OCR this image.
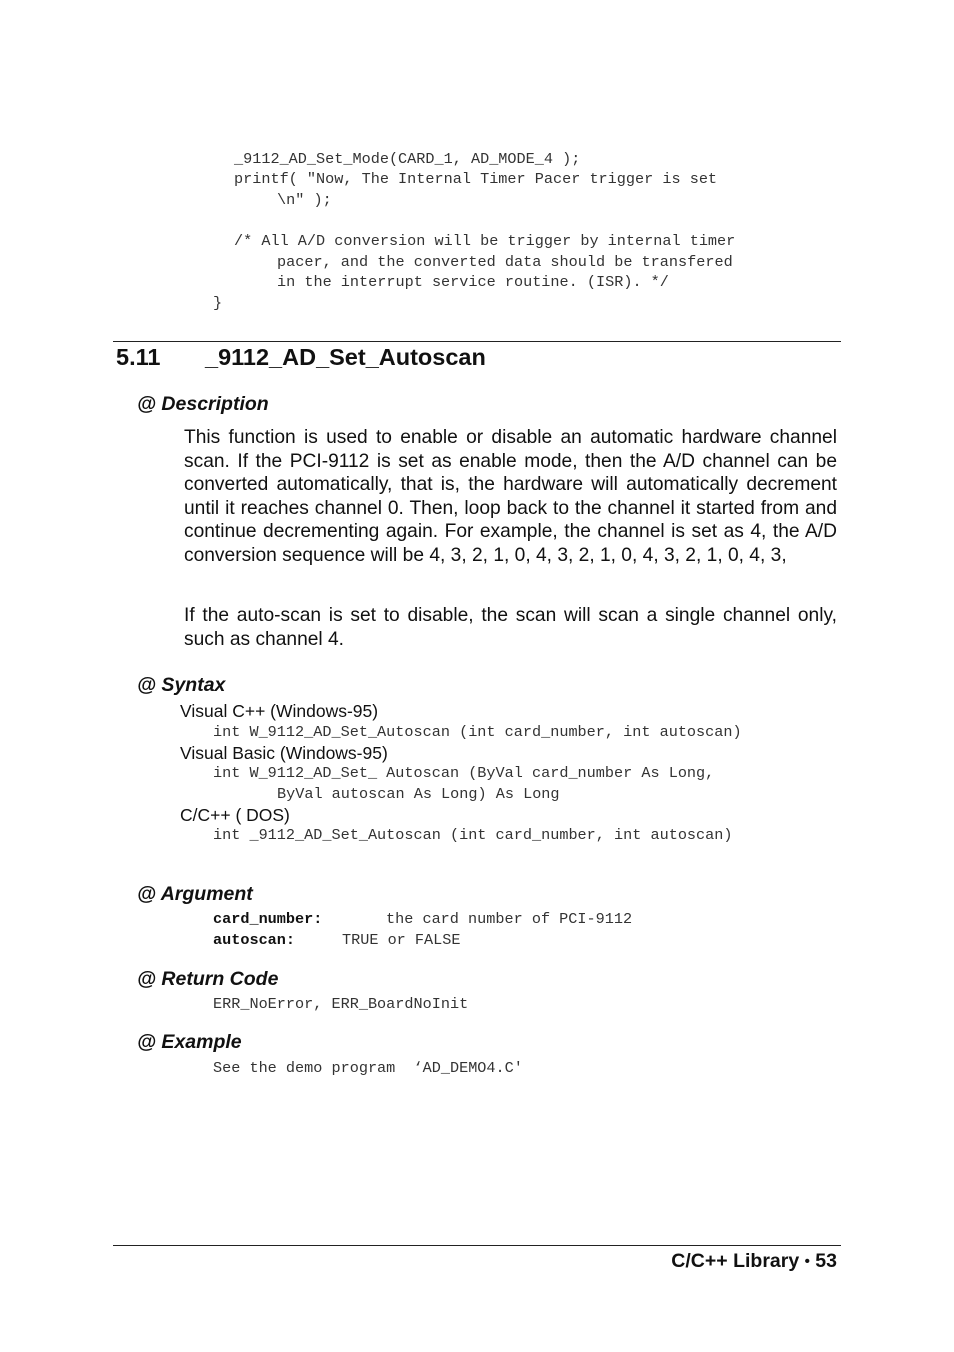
_9112_AD_Set_Mode(CARD_1, AD_MODE_4 );
printf( "Now, The Internal Timer Pacer trigger is set
\n" );
/* All A/D conversion will be trigger by internal timer
pacer, and the converted data should be transfered
in the interrupt service routine. (ISR). */
}
5.11 _9112_AD_Set_Autoscan
@ Description
This function is used to enable or disable an automatic hardware channel scan. If the PCI-9112 is set as enable mode, then the A/D channel can be converted automatically, that is, the hardware will automatically decrement until it reaches channel 0. Then, loop back to the channel it started from and continue decrementing again. For example, the channel is set as 4, the A/D conversion sequence will be 4, 3, 2, 1, 0, 4, 3, 2, 1, 0, 4, 3, 2, 1, 0, 4, 3,
If the auto-scan is set to disable, the scan will scan a single channel only, such as channel 4.
@ Syntax
Visual C++ (Windows-95)
int W_9112_AD_Set_Autoscan (int card_number, int autoscan)
Visual Basic (Windows-95)
int W_9112_AD_Set_ Autoscan (ByVal card_number As Long,
ByVal autoscan As Long) As Long
C/C++ ( DOS)
int _9112_AD_Set_Autoscan (int card_number, int autoscan)
@ Argument
card_number:	the card number of PCI-9112
autoscan:	TRUE or FALSE
@ Return Code
ERR_NoError, ERR_BoardNoInit
@ Example
See the demo program  ‘AD_DEMO4.C'
C/C++ Library • 53
